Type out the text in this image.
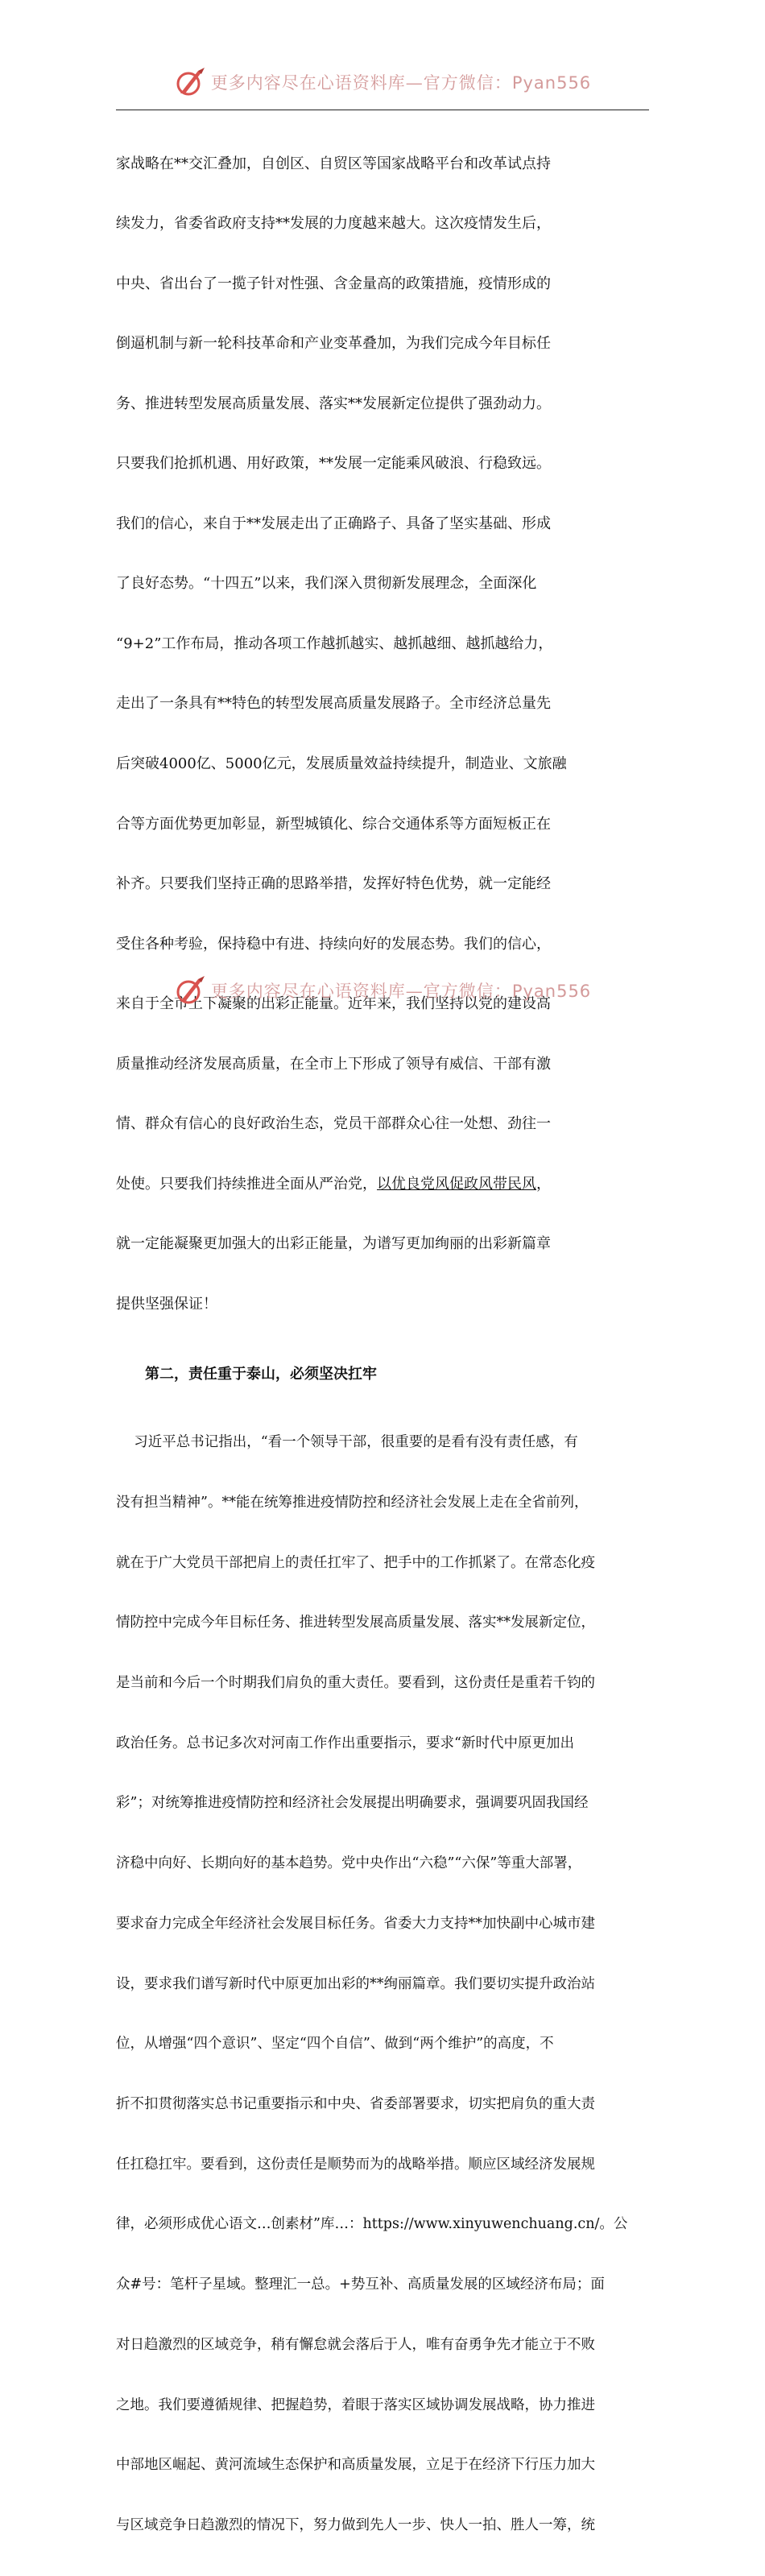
更多内容尽在心语资料库—官方微信：Pyan556

家战略在**交汇叠加，自创区、自贸区等国家战略平台和改革试点持

续发力，省委省政府支持**发展的力度越来越大。这次疫情发生后，

中央、省出台了一揽子针对性强、含金量高的政策措施，疫情形成的

倒逼机制与新一轮科技革命和产业变革叠加，为我们完成今年目标任

务、推进转型发展高质量发展、落实**发展新定位提供了强劲动力。

只要我们抢抓机遇、用好政策，**发展一定能乘风破浪、行稳致远。

我们的信心，来自于**发展走出了正确路子、具备了坚实基础、形成

了良好态势。“十四五”以来，我们深入贯彻新发展理念，全面深化

“9+2”工作布局，推动各项工作越抓越实、越抓越细、越抓越给力，

走出了一条具有**特色的转型发展高质量发展路子。全市经济总量先

后突破4000亿、5000亿元，发展质量效益持续提升，制造业、文旅融

合等方面优势更加彰显，新型城镇化、综合交通体系等方面短板正在

补齐。只要我们坚持正确的思路举措，发挥好特色优势，就一定能经

受住各种考验，保持稳中有进、持续向好的发展态势。我们的信心，

来自于全市上下凝聚的出彩正能量。近年来，我们坚持以党的建设高

质量推动经济发展高质量，在全市上下形成了领导有威信、干部有激

情、群众有信心的良好政治生态，党员干部群众心往一处想、劲往一

处使。只要我们持续推进全面从严治党，以优良党风促政风带民风，

就一定能凝聚更加强大的出彩正能量，为谱写更加绚丽的出彩新篇章

提供坚强保证！

第二，责任重于泰山，必须坚决扛牢

习近平总书记指出，“看一个领导干部，很重要的是看有没有责任感，有

没有担当精神”。**能在统筹推进疫情防控和经济社会发展上走在全省前列，

就在于广大党员干部把肩上的责任扛牢了、把手中的工作抓紧了。在常态化疫

情防控中完成今年目标任务、推进转型发展高质量发展、落实**发展新定位，

是当前和今后一个时期我们肩负的重大责任。要看到，这份责任是重若千钧的

政治任务。总书记多次对河南工作作出重要指示，要求“新时代中原更加出

彩”；对统筹推进疫情防控和经济社会发展提出明确要求，强调要巩固我国经

济稳中向好、长期向好的基本趋势。党中央作出“六稳”“六保”等重大部署，

要求奋力完成全年经济社会发展目标任务。省委大力支持**加快副中心城市建

设，要求我们谱写新时代中原更加出彩的**绚丽篇章。我们要切实提升政治站

位，从增强“四个意识”、坚定“四个自信”、做到“两个维护”的高度，不

折不扣贯彻落实总书记重要指示和中央、省委部署要求，切实把肩负的重大责

任扛稳扛牢。要看到，这份责任是顺势而为的战略举措。顺应区域经济发展规

律，必须形成优心语文…创素材”库…：https://www.xinyuwenchuang.cn/。公

众#号：笔杆子星域。整理汇一总。+势互补、高质量发展的区域经济布局；面

对日趋激烈的区域竞争，稍有懈怠就会落后于人，唯有奋勇争先才能立于不败

之地。我们要遵循规律、把握趋势，着眼于落实区域协调发展战略，协力推进

中部地区崛起、黄河流域生态保护和高质量发展，立足于在经济下行压力加大

与区域竞争日趋激烈的情况下，努力做到先人一步、快人一拍、胜人一筹，统

更多内容尽在心语资料库—官方微信：Pyan556
